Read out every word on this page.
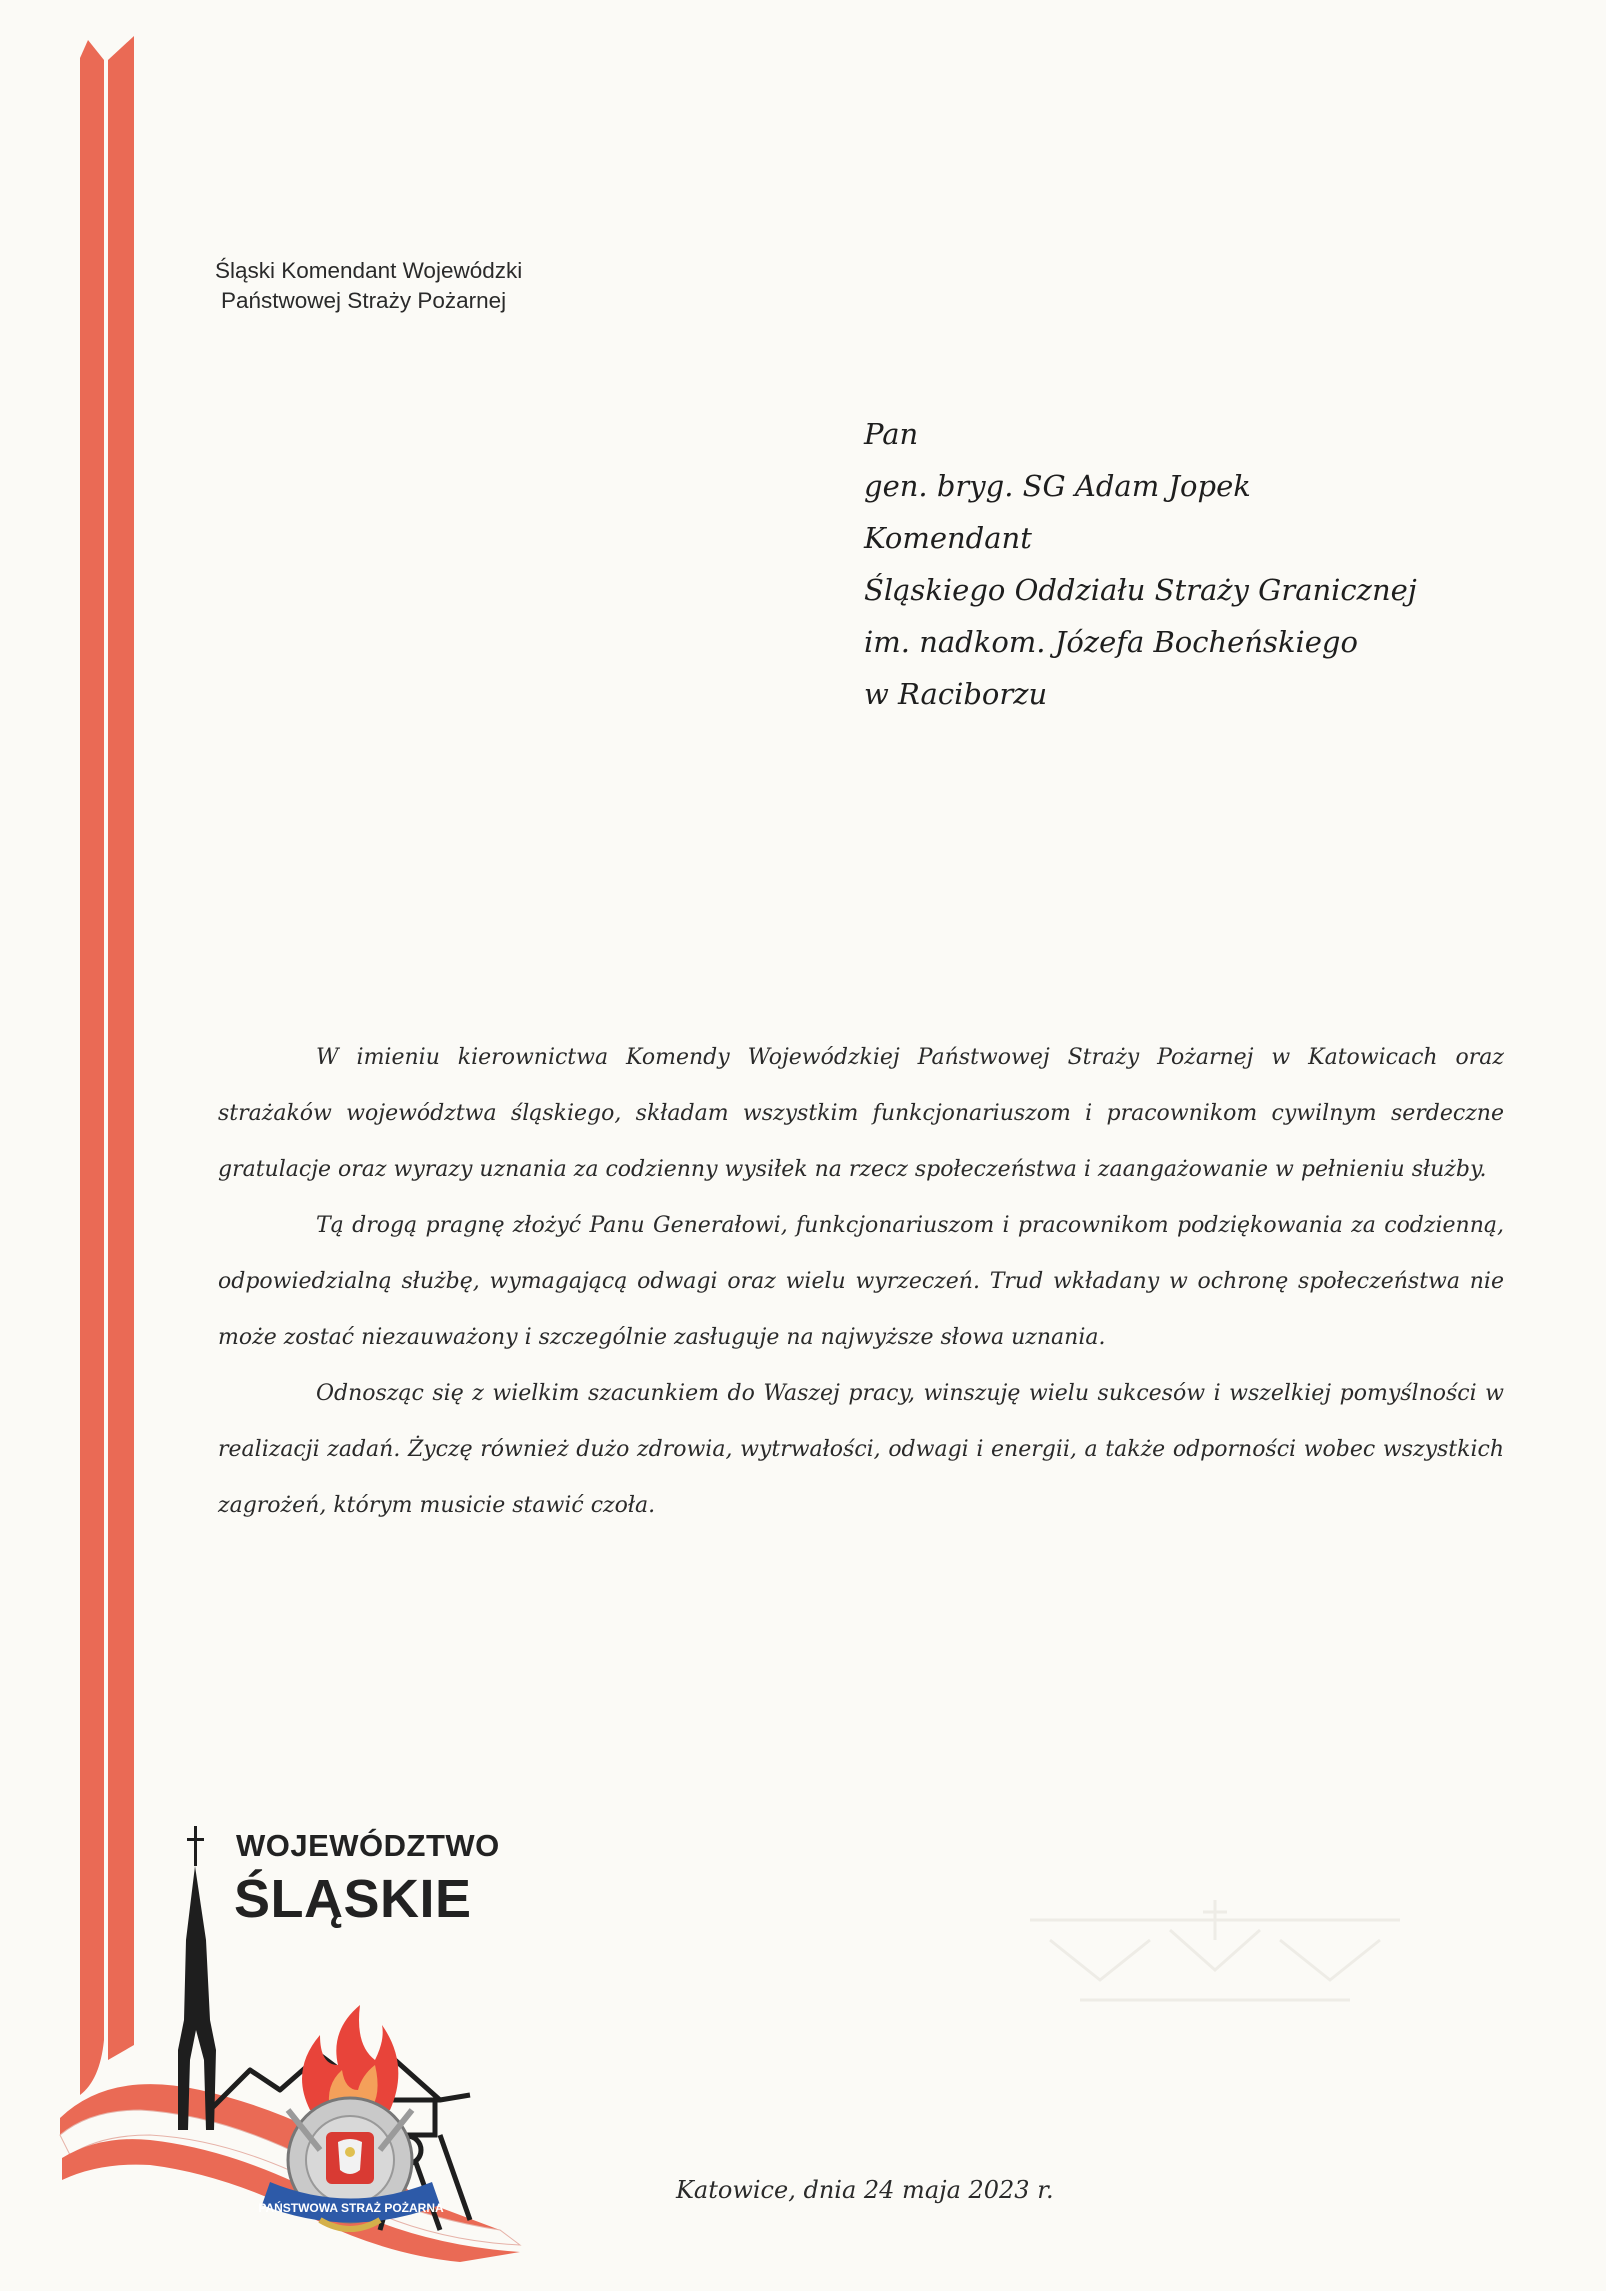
Śląski Komendant Wojewódzki
Państwowej Straży Pożarnej
Pan
gen. bryg. SG Adam Jopek
Komendant
Śląskiego Oddziału Straży Granicznej
im. nadkom. Józefa Bocheńskiego
w Raciborzu

W imieniu kierownictwa Komendy Wojewódzkiej Państwowej Straży Pożarnej w Katowicach oraz strażaków województwa śląskiego, składam wszystkim funkcjonariuszom i pracownikom cywilnym serdeczne gratulacje oraz wyrazy uznania za codzienny wysiłek na rzecz społeczeństwa i zaangażowanie w pełnieniu służby.

Tą drogą pragnę złożyć Panu Generałowi, funkcjonariuszom i pracownikom podziękowania za codzienną, odpowiedzialną służbę, wymagającą odwagi oraz wielu wyrzeczeń. Trud wkładany w ochronę społeczeństwa nie może zostać niezauważony i szczególnie zasługuje na najwyższe słowa uznania.

Odnosząc się z wielkim szacunkiem do Waszej pracy, winszuję wielu sukcesów i wszelkiej pomyślności w realizacji zadań. Życzę również dużo zdrowia, wytrwałości, odwagi i energii, a także odporności wobec wszystkich zagrożeń, którym musicie stawić czoła.

PAŃSTWOWA STRAŻ POŻARNA
WOJEWÓDZTWO
ŚLĄSKIE
Katowice, dnia 24 maja 2023 r.
